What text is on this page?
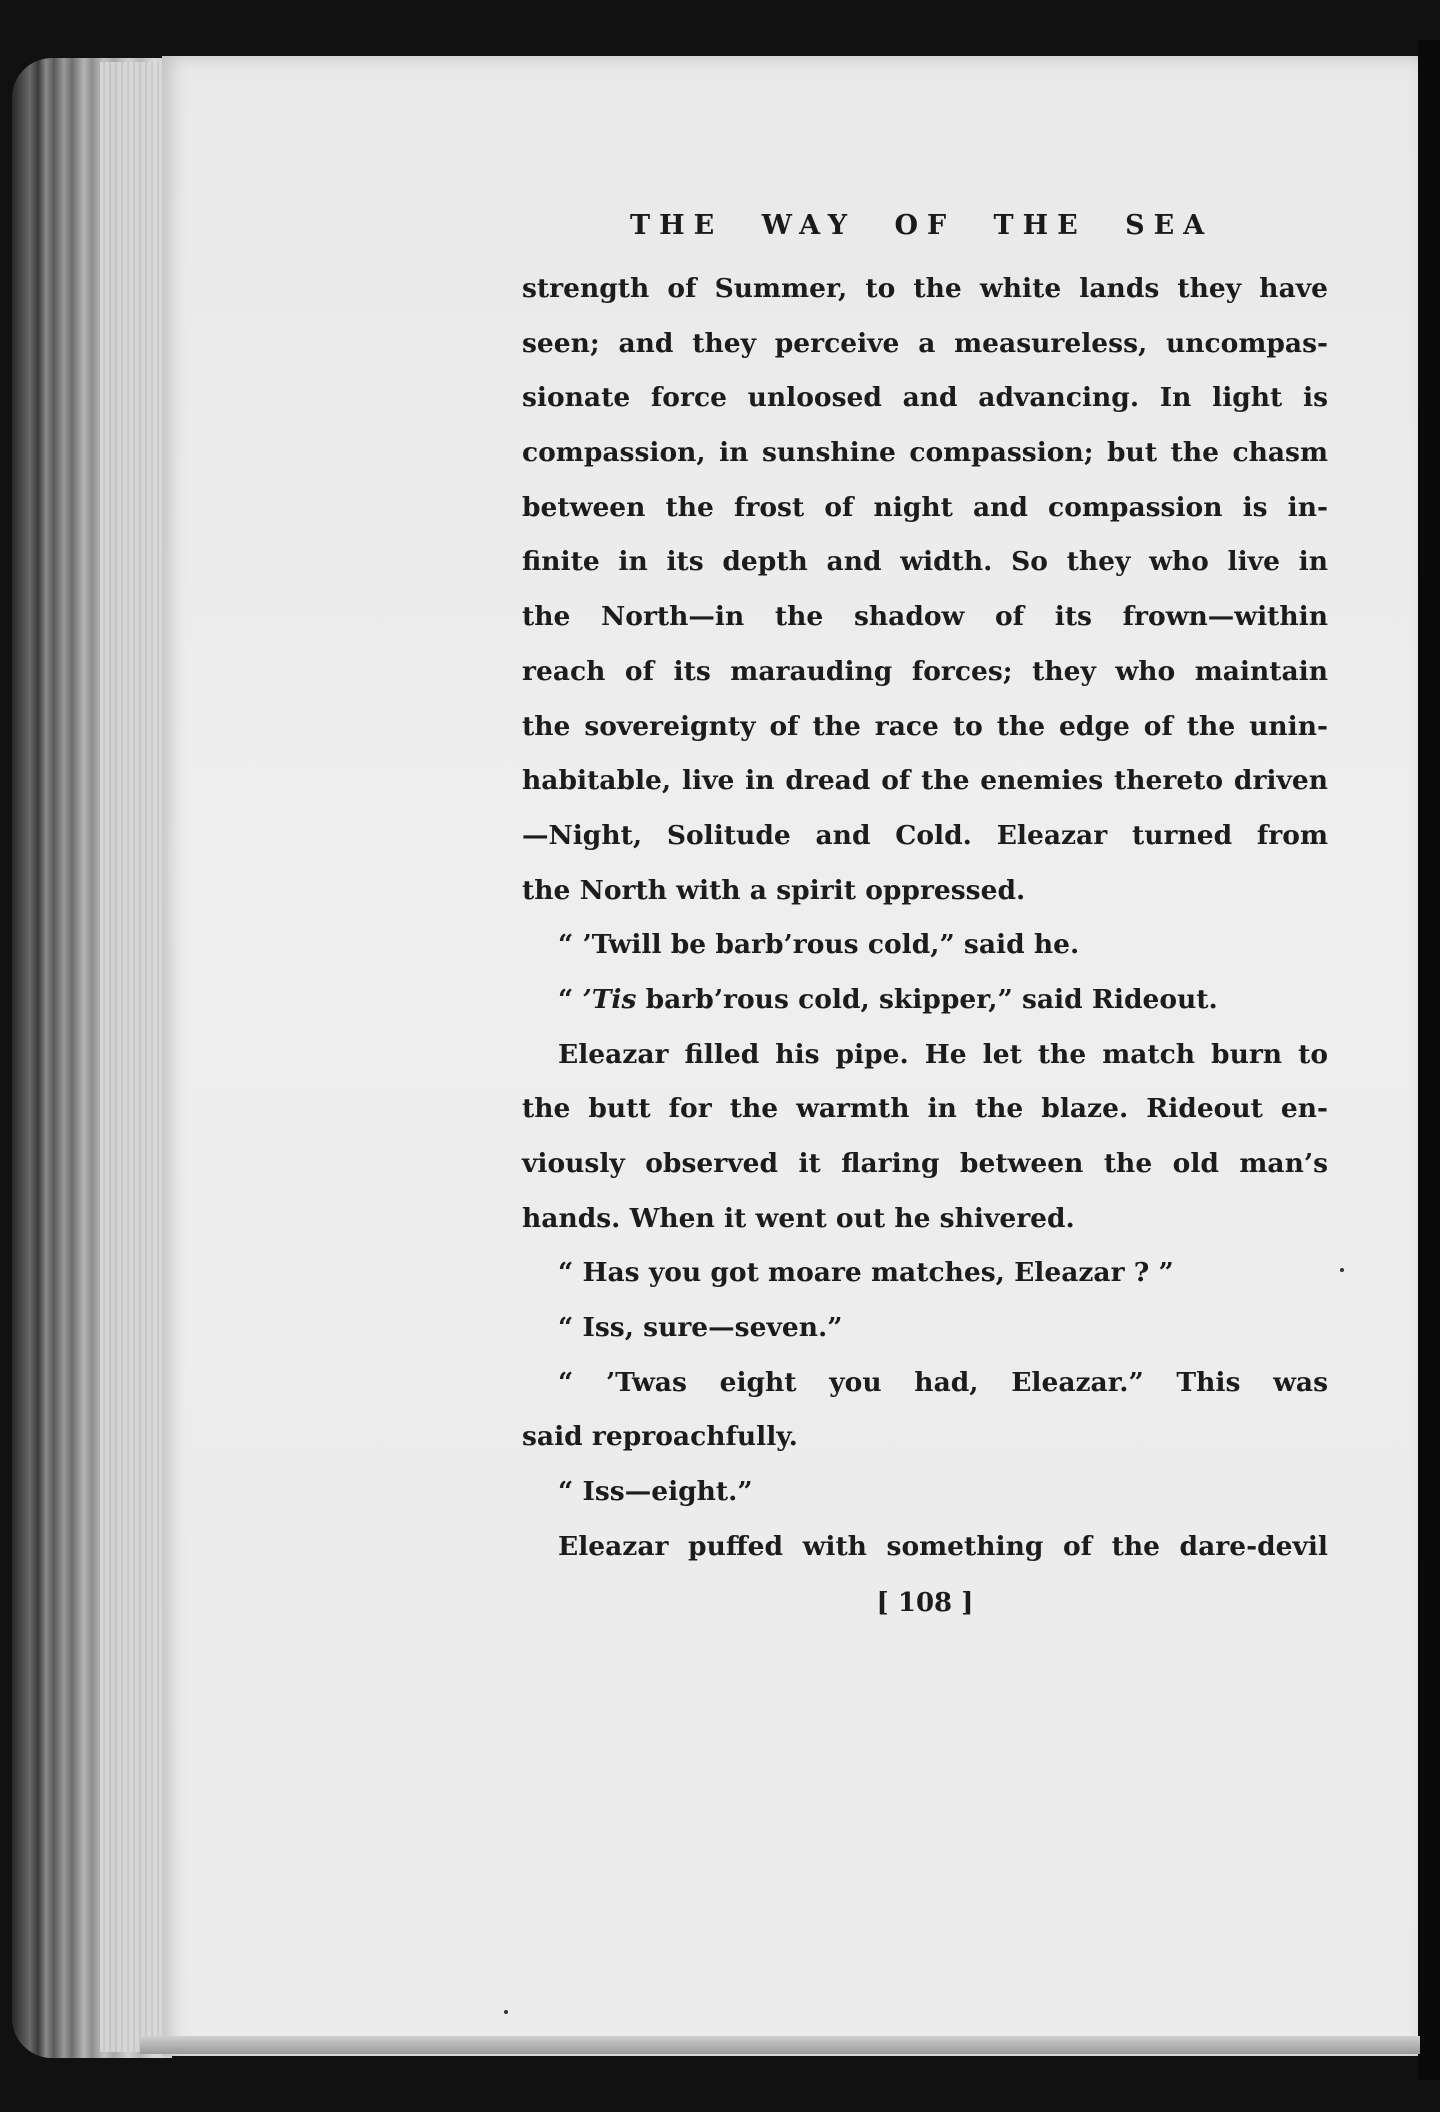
THE WAY OF THE SEA
strength of Summer, to the white lands they have
seen; and they perceive a measureless, uncompas-
sionate force unloosed and advancing. In light is
compassion, in sunshine compassion; but the chasm
between the frost of night and compassion is in-
finite in its depth and width. So they who live in
the North—in the shadow of its frown—within
reach of its marauding forces; they who maintain
the sovereignty of the race to the edge of the unin-
habitable, live in dread of the enemies thereto driven
—Night, Solitude and Cold. Eleazar turned from
the North with a spirit oppressed.
“ ’Twill be barb’rous cold,” said he.
“ ’Tis barb’rous cold, skipper,” said Rideout.
Eleazar filled his pipe. He let the match burn to
the butt for the warmth in the blaze. Rideout en-
viously observed it flaring between the old man’s
hands. When it went out he shivered.
“ Has you got moare matches, Eleazar ? ”
“ Iss, sure—seven.”
“ ’Twas eight you had, Eleazar.” This was
said reproachfully.
“ Iss—eight.”
Eleazar puffed with something of the dare-devil
[ 108 ]
